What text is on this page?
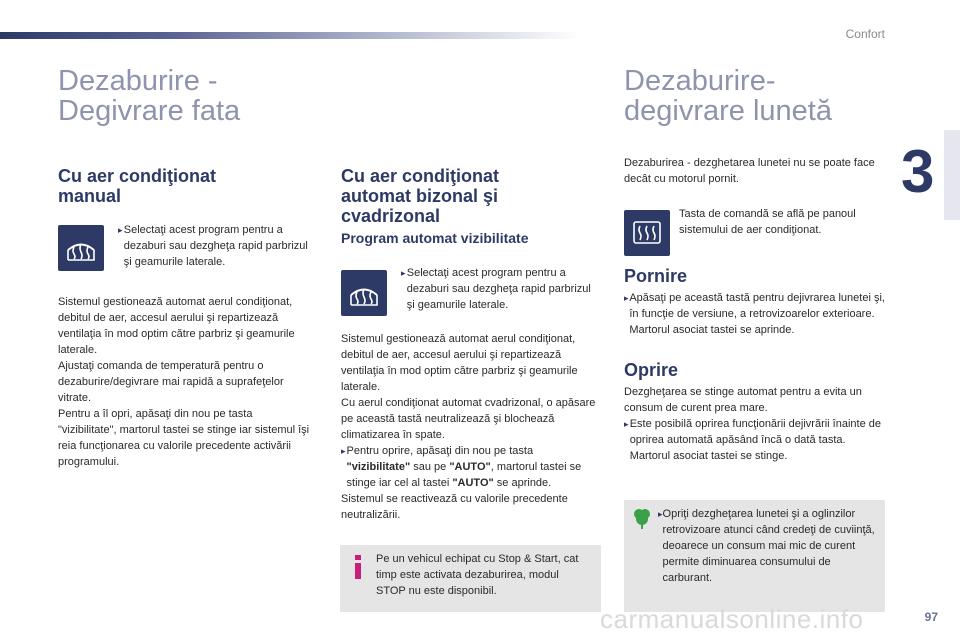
Confort
3
Dezaburire -
Degivrare fata
Cu aer condiţionat
manual
▸ Selectaţi acest program pentru a dezaburi sau dezgheţa rapid parbrizul şi geamurile laterale.
Sistemul gestionează automat aerul condiţionat, debitul de aer, accesul aerului şi repartizează ventilaţia în mod optim către parbriz şi geamurile laterale.
Ajustaţi comanda de temperatură pentru o dezaburire/degivrare mai rapidă a suprafeţelor vitrate.
Pentru a îl opri, apăsaţi din nou pe tasta "vizibilitate", martorul tastei se stinge iar sistemul îşi reia funcţionarea cu valorile precedente activării programului.
Cu aer condiţionat
automat bizonal şi
cvadrizonal
Program automat vizibilitate
▸ Selectaţi acest program pentru a dezaburi sau dezgheţa rapid parbrizul şi geamurile laterale.
Sistemul gestionează automat aerul condiţionat, debitul de aer, accesul aerului şi repartizează ventilaţia în mod optim către parbriz şi geamurile laterale.
Cu aerul condiţionat automat cvadrizonal, o apăsare pe această tastă neutralizează şi blochează climatizarea în spate.
▸ Pentru oprire, apăsaţi din nou pe tasta "vizibilitate" sau pe "AUTO", martorul tastei se stinge iar cel al tastei "AUTO" se aprinde.
Sistemul se reactivează cu valorile precedente neutralizării.
Pe un vehicul echipat cu Stop & Start, cat timp este activata dezaburirea, modul STOP nu este disponibil.
Dezaburire-
degivrare lunetă
Dezaburirea - dezghetarea lunetei nu se poate face decât cu motorul pornit.
Tasta de comandă se află pe panoul sistemului de aer condiţionat.
Pornire
▸ Apăsaţi pe această tastă pentru dejivrarea lunetei şi, în funcţie de versiune, a retrovizoarelor exterioare. Martorul asociat tastei se aprinde.
Oprire
Dezgheţarea se stinge automat pentru a evita un consum de curent prea mare.
▸ Este posibilă oprirea funcţionării dejivrării înainte de oprirea automată apăsând încă o dată tasta. Martorul asociat tastei se stinge.
▸ Opriţi dezgheţarea lunetei şi a oglinzilor retrovizoare atunci când credeţi de cuviinţă, deoarece un consum mai mic de curent permite diminuarea consumului de carburant.
carmanualsonline.info	97
